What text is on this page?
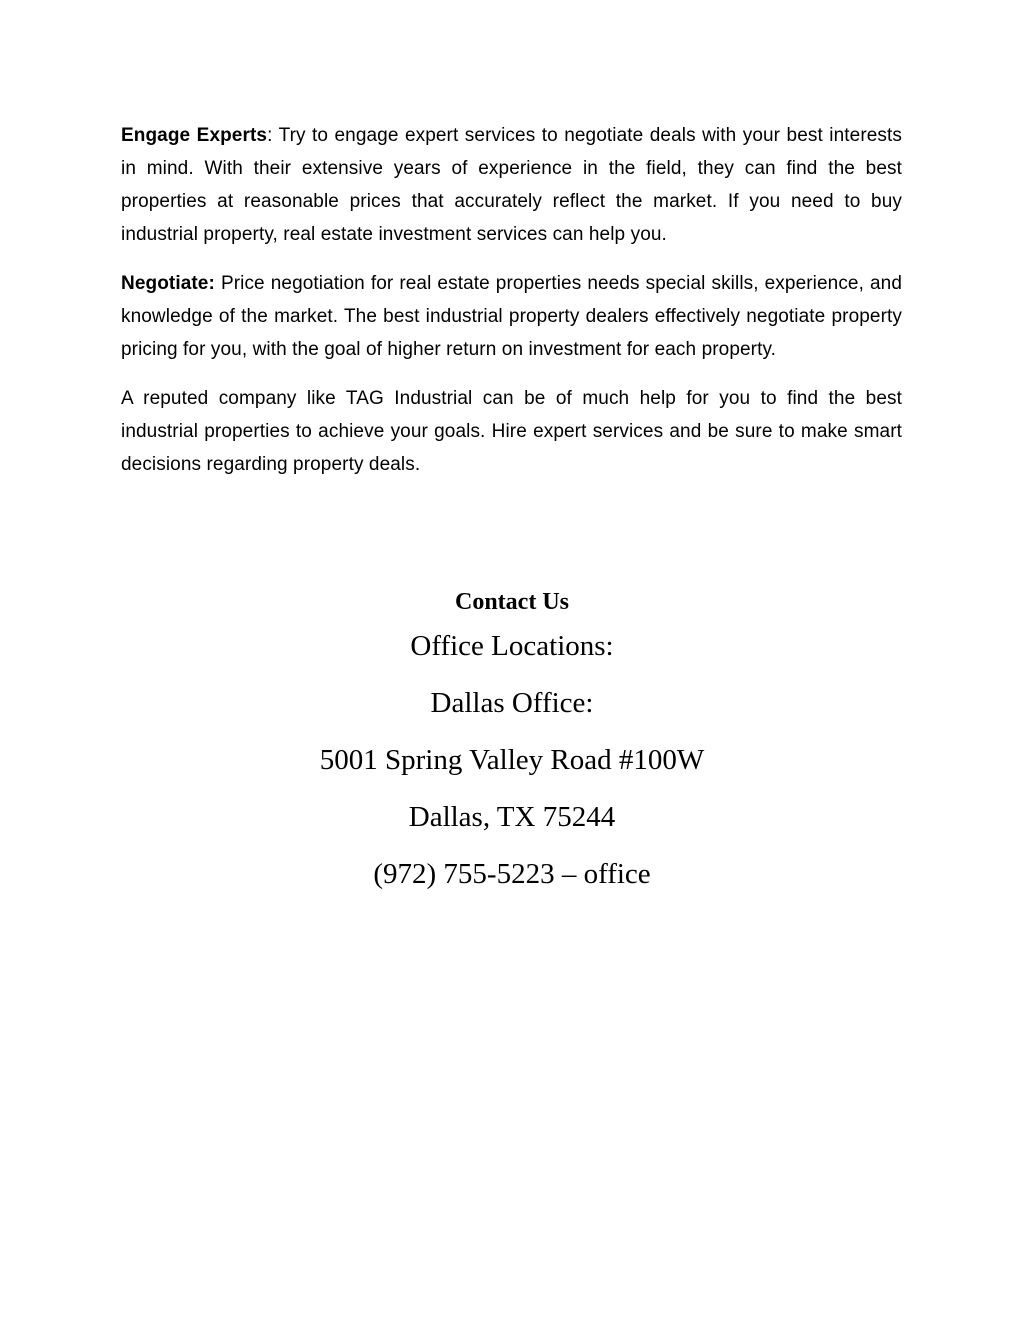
Engage Experts: Try to engage expert services to negotiate deals with your best interests in mind. With their extensive years of experience in the field, they can find the best properties at reasonable prices that accurately reflect the market. If you need to buy industrial property, real estate investment services can help you.

Negotiate: Price negotiation for real estate properties needs special skills, experience, and knowledge of the market. The best industrial property dealers effectively negotiate property pricing for you, with the goal of higher return on investment for each property.

A reputed company like TAG Industrial can be of much help for you to find the best industrial properties to achieve your goals. Hire expert services and be sure to make smart decisions regarding property deals.

Contact Us
Office Locations:
Dallas Office:
5001 Spring Valley Road #100W
Dallas, TX 75244
(972) 755-5223 – office
